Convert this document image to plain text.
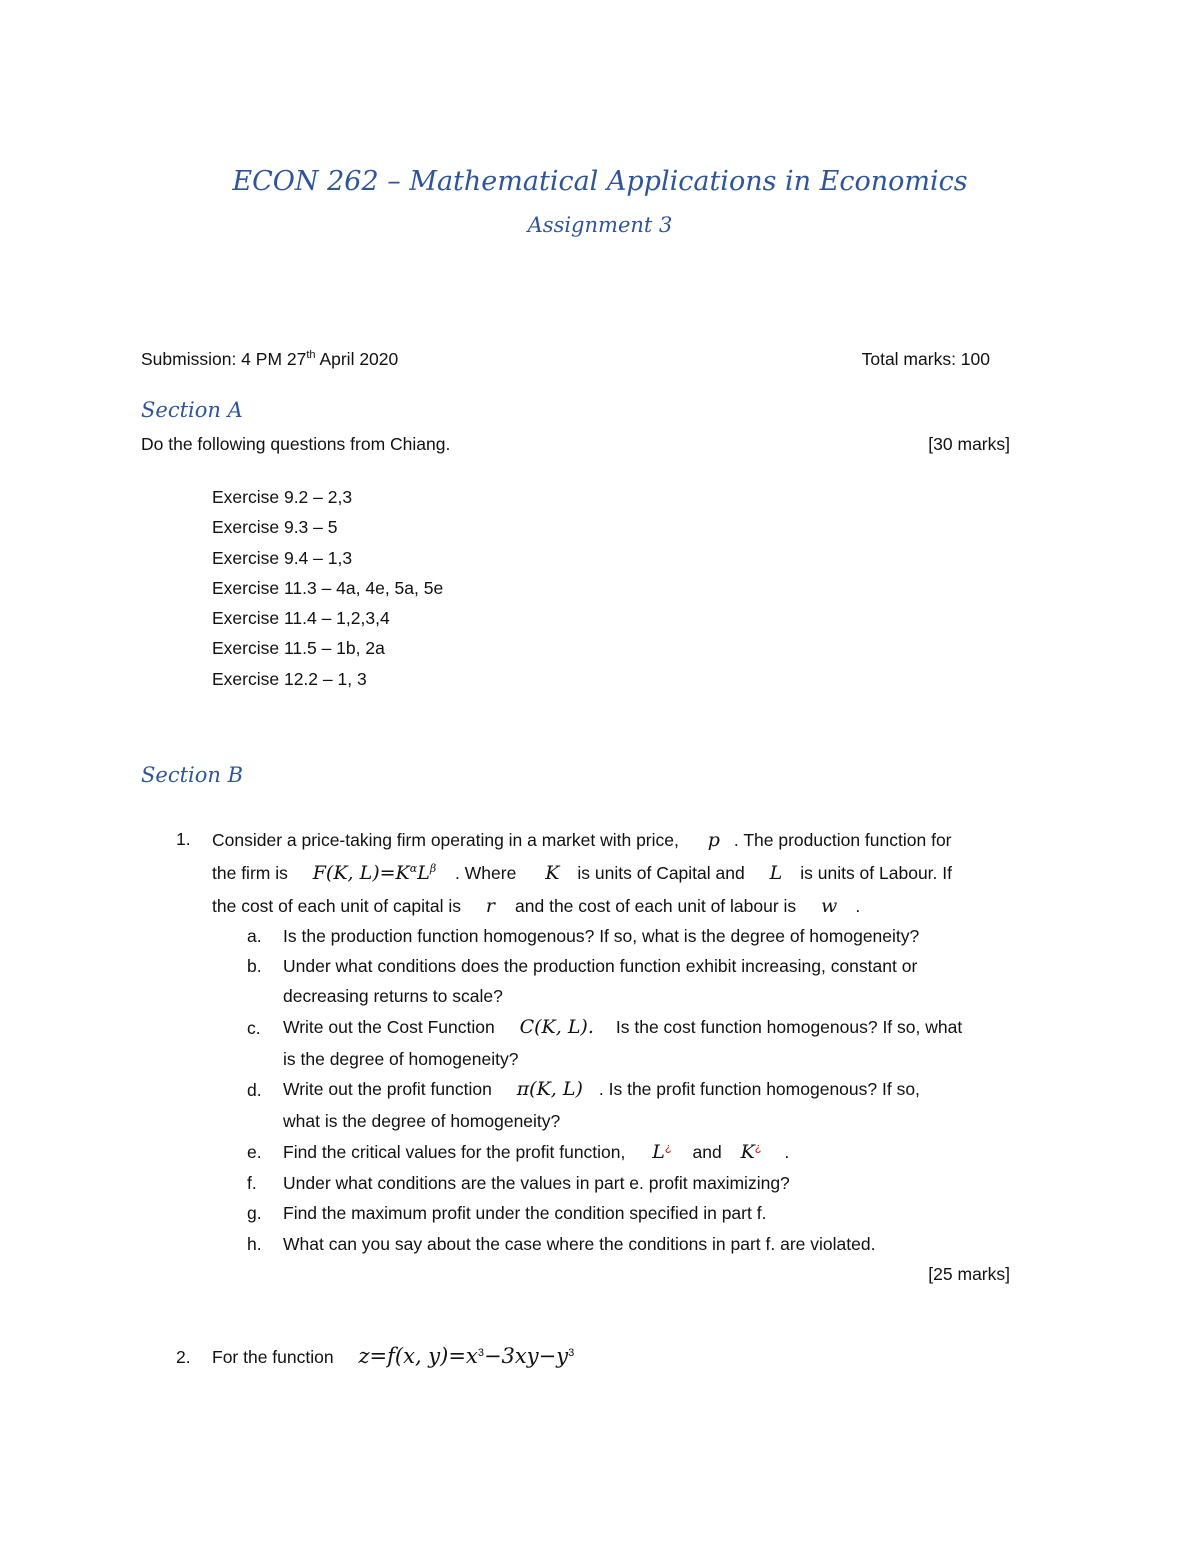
ECON 262 – Mathematical Applications in Economics
Assignment 3
Submission: 4 PM 27th April 2020	Total marks: 100
Section A
Do the following questions from Chiang.	[30 marks]
Exercise 9.2 – 2,3
Exercise 9.3 – 5
Exercise 9.4 – 1,3
Exercise 11.3 – 4a, 4e, 5a, 5e
Exercise 11.4 – 1,2,3,4
Exercise 11.5 – 1b, 2a
Exercise 12.2 – 1, 3
Section B
1. Consider a price-taking firm operating in a market with price, p . The production function for
the firm is F(K, $L)=K^\alpha L^\beta$ . Where K is units of Capital and L is units of Labour. If
the cost of each unit of capital is r and the cost of each unit of labour is w .
a. Is the production function homogenous? If so, what is the degree of homogeneity?
b. Under what conditions does the production function exhibit increasing, constant or
decreasing returns to scale?
c. Write out the Cost Function C(K, L). Is the cost function homogenous? If so, what
is the degree of homogeneity?
d. Write out the profit function π(K, L) . Is the profit function homogenous? If so,
what is the degree of homogeneity?
e. Find the critical values for the profit function, L¿ and K¿ .
f. Under what conditions are the values in part e. profit maximizing?
g. Find the maximum profit under the condition specified in part f.
h. What can you say about the case where the conditions in part f. are violated.
[25 marks]
2. For the function z=f(x, $y)=x^3-3xy-y^3$
